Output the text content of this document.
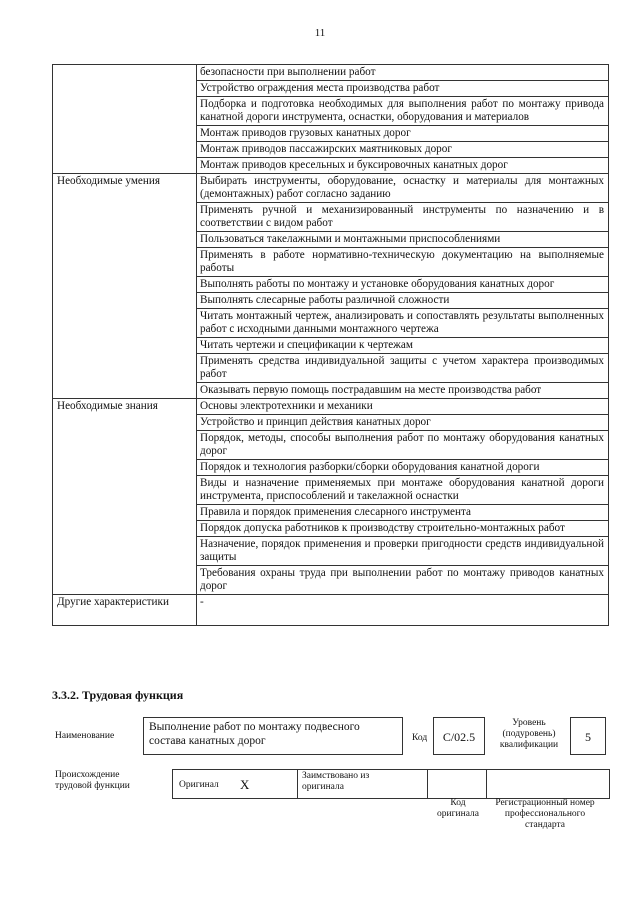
11
	безопасности при выполнении работ
	Устройство ограждения места производства работ
	Подборка и подготовка необходимых для выполнения работ по монтажу привода канатной дороги инструмента, оснастки, оборудования и материалов
	Монтаж приводов грузовых канатных дорог
	Монтаж приводов пассажирских маятниковых дорог
	Монтаж приводов кресельных и буксировочных канатных дорог
Необходимые умения	Выбирать инструменты, оборудование, оснастку и материалы для монтажных (демонтажных) работ согласно заданию
	Применять ручной и механизированный инструменты по назначению и в соответствии с видом работ
	Пользоваться такелажными и монтажными приспособлениями
	Применять в работе нормативно-техническую документацию на выполняемые работы
	Выполнять работы по монтажу и установке оборудования канатных дорог
	Выполнять слесарные работы различной сложности
	Читать монтажный чертеж, анализировать и сопоставлять результаты выполненных работ с исходными данными монтажного чертежа
	Читать чертежи и спецификации к чертежам
	Применять средства индивидуальной защиты с учетом характера производимых работ
	Оказывать первую помощь пострадавшим на месте производства работ
Необходимые знания	Основы электротехники и механики
	Устройство и принцип действия канатных дорог
	Порядок, методы, способы выполнения работ по монтажу оборудования канатных дорог
	Порядок и технология разборки/сборки оборудования канатной дороги
	Виды и назначение применяемых при монтаже оборудования канатной дороги инструмента, приспособлений и такелажной оснастки
	Правила и порядок применения слесарного инструмента
	Порядок допуска работников к производству строительно-монтажных работ
	Назначение, порядок применения и проверки пригодности средств индивидуальной защиты
	Требования охраны труда при выполнении работ по монтажу приводов канатных дорог
Другие характеристики	-
3.3.2. Трудовая функция
Наименование
Выполнение работ по монтажу подвесного состава канатных дорог	Код	C/02.5
Уровень (подуровень) квалификации
5
Происхождение трудовой функции	Оригинал X
Заимствовано из оригинала
Код оригинала
Регистрационный номер профессионального стандарта
